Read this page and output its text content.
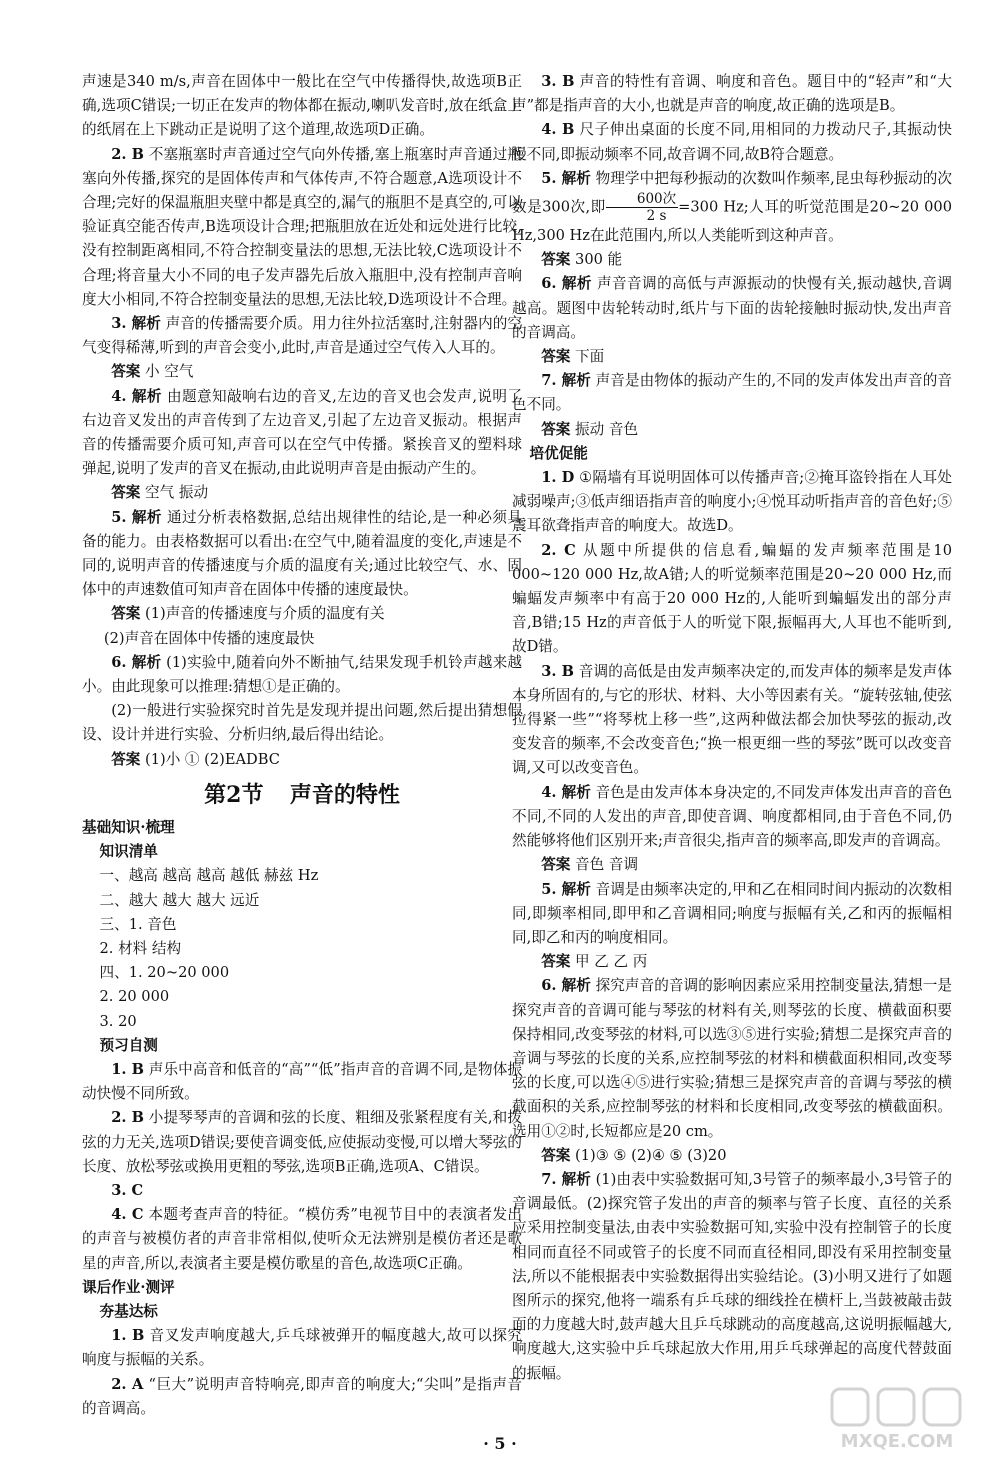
声速是340 m/s,声音在固体中一般比在空气中传播得快,故选项B正确,选项C错误;一切正在发声的物体都在振动,喇叭发音时,放在纸盒上的纸屑在上下跳动正是说明了这个道理,故选项D正确。

2. B 不塞瓶塞时声音通过空气向外传播,塞上瓶塞时声音通过瓶塞向外传播,探究的是固体传声和气体传声,不符合题意,A选项设计不合理;完好的保温瓶胆夹壁中都是真空的,漏气的瓶胆不是真空的,可以验证真空能否传声,B选项设计合理;把瓶胆放在近处和远处进行比较,没有控制距离相同,不符合控制变量法的思想,无法比较,C选项设计不合理;将音量大小不同的电子发声器先后放入瓶胆中,没有控制声音响度大小相同,不符合控制变量法的思想,无法比较,D选项设计不合理。

3. 解析 声音的传播需要介质。用力往外拉活塞时,注射器内的空气变得稀薄,听到的声音会变小,此时,声音是通过空气传入人耳的。

答案 小 空气

4. 解析 由题意知敲响右边的音叉,左边的音叉也会发声,说明了右边音叉发出的声音传到了左边音叉,引起了左边音叉振动。根据声音的传播需要介质可知,声音可以在空气中传播。紧挨音叉的塑料球弹起,说明了发声的音叉在振动,由此说明声音是由振动产生的。

答案 空气 振动

5. 解析 通过分析表格数据,总结出规律性的结论,是一种必须具备的能力。由表格数据可以看出:在空气中,随着温度的变化,声速是不同的,说明声音的传播速度与介质的温度有关;通过比较空气、水、固体中的声速数值可知声音在固体中传播的速度最快。

答案 (1)声音的传播速度与介质的温度有关

(2)声音在固体中传播的速度最快

6. 解析 (1)实验中,随着向外不断抽气,结果发现手机铃声越来越小。由此现象可以推理:猜想①是正确的。

(2)一般进行实验探究时首先是发现并提出问题,然后提出猜想假设、设计并进行实验、分析归纳,最后得出结论。

答案 (1)小 ① (2)EADBC

第2节 声音的特性

基础知识·梳理

知识清单

一、越高 越高 越高 越低 赫兹 Hz

二、越大 越大 越大 远近

三、1. 音色

2. 材料 结构

四、1. 20~20 000

2. 20 000

3. 20

预习自测

1. B 声乐中高音和低音的“高”“低”指声音的音调不同,是物体振动快慢不同所致。

2. B 小提琴琴声的音调和弦的长度、粗细及张紧程度有关,和拨弦的力无关,选项D错误;要使音调变低,应使振动变慢,可以增大琴弦的长度、放松琴弦或换用更粗的琴弦,选项B正确,选项A、C错误。

3. C

4. C 本题考查声音的特征。“模仿秀”电视节目中的表演者发出的声音与被模仿者的声音非常相似,使听众无法辨别是模仿者还是歌星的声音,所以,表演者主要是模仿歌星的音色,故选项C正确。

课后作业·测评

夯基达标

1. B 音叉发声响度越大,乒乓球被弹开的幅度越大,故可以探究响度与振幅的关系。

2. A “巨大”说明声音特响亮,即声音的响度大;“尖叫”是指声音的音调高。

3. B 声音的特性有音调、响度和音色。题目中的“轻声”和“大声”都是指声音的大小,也就是声音的响度,故正确的选项是B。

4. B 尺子伸出桌面的长度不同,用相同的力拨动尺子,其振动快慢不同,即振动频率不同,故音调不同,故B符合题意。

5. 解析 物理学中把每秒振动的次数叫作频率,昆虫每秒振动的次数是300次,即 $\frac{\text{600次}}{2 s} =300$ Hz;人耳的听觉范围是20~20 000 Hz,300 Hz在此范围内,所以人类能听到这种声音。

答案 300 能

6. 解析 声音音调的高低与声源振动的快慢有关,振动越快,音调越高。题图中齿轮转动时,纸片与下面的齿轮接触时振动快,发出声音的音调高。

答案 下面

7. 解析 声音是由物体的振动产生的,不同的发声体发出声音的音色不同。

答案 振动 音色

培优促能

1. D ①隔墙有耳说明固体可以传播声音;②掩耳盗铃指在人耳处减弱噪声;③低声细语指声音的响度小;④悦耳动听指声音的音色好;⑤震耳欲聋指声音的响度大。故选D。

2. C 从题中所提供的信息看,蝙蝠的发声频率范围是10 000~120 000 Hz,故A错;人的听觉频率范围是20~20 000 Hz,而蝙蝠发声频率中有高于20 000 Hz的,人能听到蝙蝠发出的部分声音,B错;15 Hz的声音低于人的听觉下限,振幅再大,人耳也不能听到,故D错。

3. B 音调的高低是由发声频率决定的,而发声体的频率是发声体本身所固有的,与它的形状、材料、大小等因素有关。“旋转弦轴,使弦拉得紧一些”“将琴枕上移一些”,这两种做法都会加快琴弦的振动,改变发音的频率,不会改变音色;“换一根更细一些的琴弦”既可以改变音调,又可以改变音色。

4. 解析 音色是由发声体本身决定的,不同发声体发出声音的音色不同,不同的人发出的声音,即使音调、响度都相同,由于音色不同,仍然能够将他们区别开来;声音很尖,指声音的频率高,即发声的音调高。

答案 音色 音调

5. 解析 音调是由频率决定的,甲和乙在相同时间内振动的次数相同,即频率相同,即甲和乙音调相同;响度与振幅有关,乙和丙的振幅相同,即乙和丙的响度相同。

答案 甲 乙 乙 丙

6. 解析 探究声音的音调的影响因素应采用控制变量法,猜想一是探究声音的音调可能与琴弦的材料有关,则琴弦的长度、横截面积要保持相同,改变琴弦的材料,可以选③⑤进行实验;猜想二是探究声音的音调与琴弦的长度的关系,应控制琴弦的材料和横截面积相同,改变琴弦的长度,可以选④⑤进行实验;猜想三是探究声音的音调与琴弦的横截面积的关系,应控制琴弦的材料和长度相同,改变琴弦的横截面积。选用①②时,长短都应是20 cm。

答案 (1)③ ⑤ (2)④ ⑤ (3)20

7. 解析 (1)由表中实验数据可知,3号管子的频率最小,3号管子的音调最低。(2)探究管子发出的声音的频率与管子长度、直径的关系应采用控制变量法,由表中实验数据可知,实验中没有控制管子的长度相同而直径不同或管子的长度不同而直径相同,即没有采用控制变量法,所以不能根据表中实验数据得出实验结论。(3)小明又进行了如题图所示的探究,他将一端系有乒乓球的细线拴在横杆上,当鼓被敲击鼓面的力度越大时,鼓声越大且乒乓球跳动的高度越高,这说明振幅越大,响度越大,这实验中乒乓球起放大作用,用乒乓球弹起的高度代替鼓面的振幅。

· 5 ·	MXQE.COM
